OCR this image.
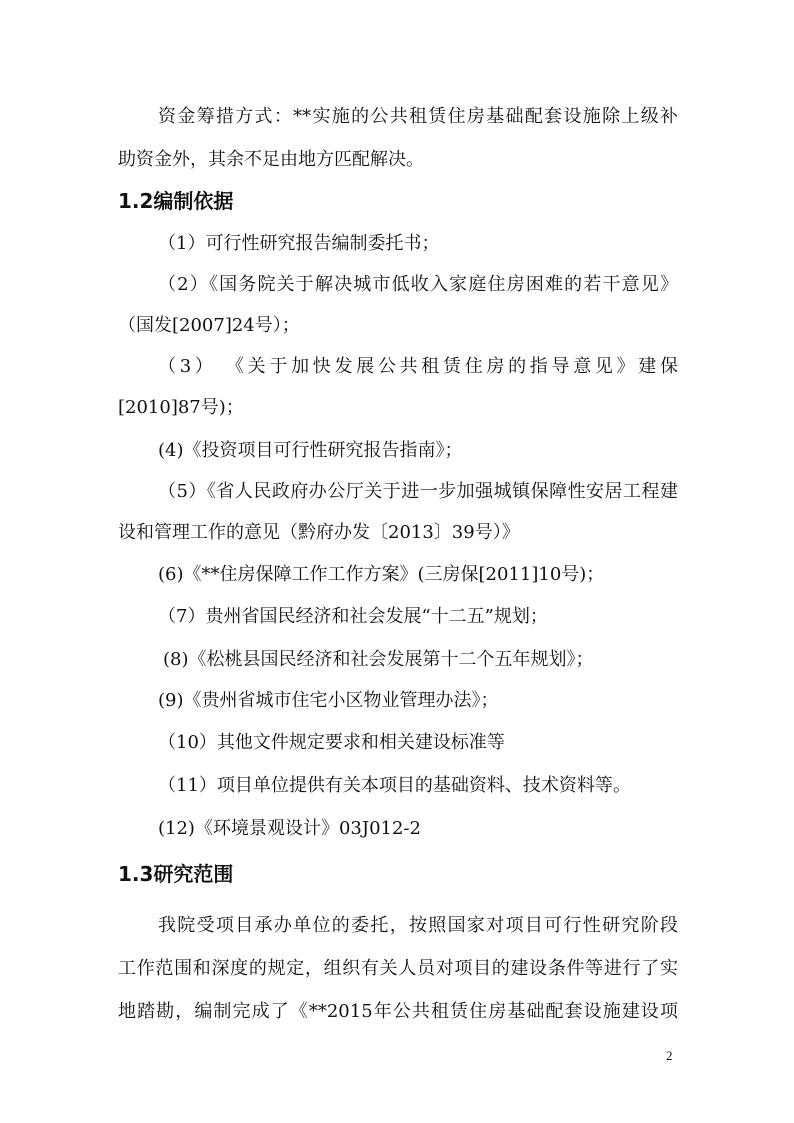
资金筹措方式：**实施的公共租赁住房基础配套设施除上级补
助资金外，其余不足由地方匹配解决。
1.2编制依据
（1）可行性研究报告编制委托书；
（2）《国务院关于解决城市低收入家庭住房困难的若干意见》
（国发[2007]24号）；
（3） 《关于加快发展公共租赁住房的指导意见》建保
[2010]87号)；
(4)《投资项目可行性研究报告指南》；
（5）《省人民政府办公厅关于进一步加强城镇保障性安居工程建
设和管理工作的意见（黔府办发〔2013〕39号）》
(6)《**住房保障工作工作方案》(三房保[2011]10号)；
（7）贵州省国民经济和社会发展“十二五”规划；
(8)《松桃县国民经济和社会发展第十二个五年规划》；
(9)《贵州省城市住宅小区物业管理办法》；
（10）其他文件规定要求和相关建设标准等
（11）项目单位提供有关本项目的基础资料、技术资料等。
(12)《环境景观设计》03J012-2
1.3研究范围
我院受项目承办单位的委托，按照国家对项目可行性研究阶段
工作范围和深度的规定，组织有关人员对项目的建设条件等进行了实
地踏勘，编制完成了《**2015年公共租赁住房基础配套设施建设项
2
